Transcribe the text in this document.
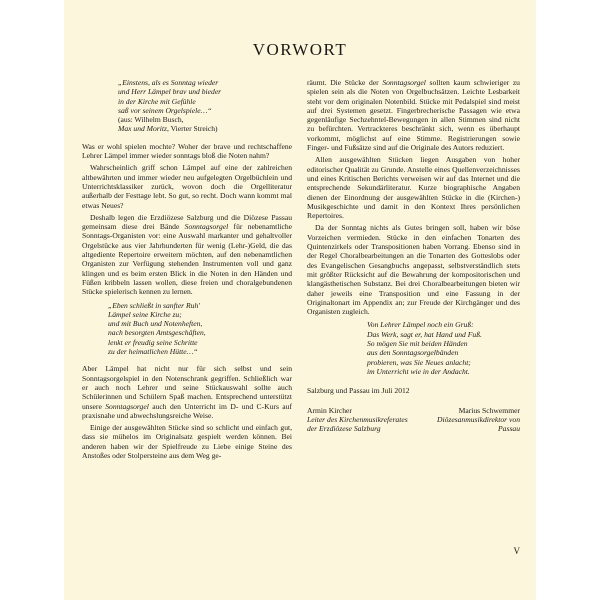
VORWORT
„Einstens, als es Sonntag wieder
und Herr Lämpel brav und bieder
in der Kirche mit Gefühle
saß vor seinem Orgelspiele…“
(aus: Wilhelm Busch,
Max und Moritz, Vierter Streich)

Was er wohl spielen mochte? Woher der brave und rechtschaffene Lehrer Lämpel immer wieder sonntags bloß die Noten nahm?

Wahrscheinlich griff schon Lämpel auf eine der zahlreichen altbewährten und immer wieder neu aufgelegten Orgelbüchlein und Unterrichtsklassiker zurück, wovon doch die Orgelliteratur außerhalb der Festtage lebt. So gut, so recht. Doch wann kommt mal etwas Neues?

Deshalb legen die Erzdiözese Salzburg und die Diözese Passau gemeinsam diese drei Bände Sonntagsorgel für nebenamtliche Sonntags-Organisten vor: eine Auswahl markanter und gehaltvoller Orgelstücke aus vier Jahrhunderten für wenig (Lehr-)Geld, die das altgediente Repertoire erweitern möchten, auf den nebenamtlichen Organisten zur Verfügung stehenden Instrumenten voll und ganz klingen und es beim ersten Blick in die Noten in den Händen und Füßen kribbeln lassen wollen, diese freien und choralgebundenen Stücke spielerisch kennen zu lernen.

„Eben schließt in sanfter Ruh'
Lämpel seine Kirche zu;
und mit Buch und Notenheften,
nach besorgten Amtsgeschäften,
lenkt er freudig seine Schritte
zu der heimatlichen Hütte…“

Aber Lämpel hat nicht nur für sich selbst und sein Sonntagsorgelspiel in den Notenschrank gegriffen. Schließlich war er auch noch Lehrer und seine Stückauswahl sollte auch Schülerinnen und Schülern Spaß machen. Entsprechend unterstützt unsere Sonntagsorgel auch den Unterricht im D- und C-Kurs auf praxisnahe und abwechslungsreiche Weise.

Einige der ausgewählten Stücke sind so schlicht und einfach gut, dass sie mühelos im Originalsatz gespielt werden können. Bei anderen haben wir der Spielfreude zu Liebe einige Steine des Anstoßes oder Stolpersteine aus dem Weg ge-

räumt. Die Stücke der Sonntagsorgel sollten kaum schwieriger zu spielen sein als die Noten von Orgelbuchsätzen. Leichte Lesbarkeit steht vor dem originalen Notenbild. Stücke mit Pedalspiel sind meist auf drei Systemen gesetzt. Fingerbrecherische Passagen wie etwa gegenläufige Sechzehntel-Bewegungen in allen Stimmen sind nicht zu befürchten. Vertrackteres beschränkt sich, wenn es überhaupt vorkommt, möglichst auf eine Stimme. Registrierungen sowie Finger- und Fußsätze sind auf die Originale des Autors reduziert.

Allen ausgewählten Stücken liegen Ausgaben von hoher editorischer Qualität zu Grunde. Anstelle eines Quellenverzeichnisses und eines Kritischen Berichts verweisen wir auf das Internet und die entsprechende Sekundärliteratur. Kurze biographische Angaben dienen der Einordnung der ausgewählten Stücke in die (Kirchen-) Musikgeschichte und damit in den Kontext Ihres persönlichen Repertoires.

Da der Sonntag nichts als Gutes bringen soll, haben wir böse Vorzeichen vermieden. Stücke in den einfachen Tonarten des Quintenzirkels oder Transpositionen haben Vorrang. Ebenso sind in der Regel Choralbearbeitungen an die Tonarten des Gotteslobs oder des Evangelischen Gesangbuchs angepasst, selbstverständlich stets mit größter Rücksicht auf die Bewahrung der kompositorischen und klangästhetischen Substanz. Bei drei Choralbearbeitungen bieten wir daher jeweils eine Transposition und eine Fassung in der Originaltonart im Appendix an; zur Freude der Kirchgänger und des Organisten zugleich.

Von Lehrer Lämpel noch ein Gruß:
Das Werk, sagt er, hat Hand und Fuß.
So mögen Sie mit beiden Händen
aus den Sonntagsorgelbänden
probieren, was Sie Neues anlacht;
im Unterricht wie in der Andacht.
Salzburg und Passau im Juli 2012
Armin Kircher
Leiter des Kirchenmusikreferates der Erzdiözese Salzburg
Marius Schwemmer
Diözesanmusikdirektor von Passau
V
